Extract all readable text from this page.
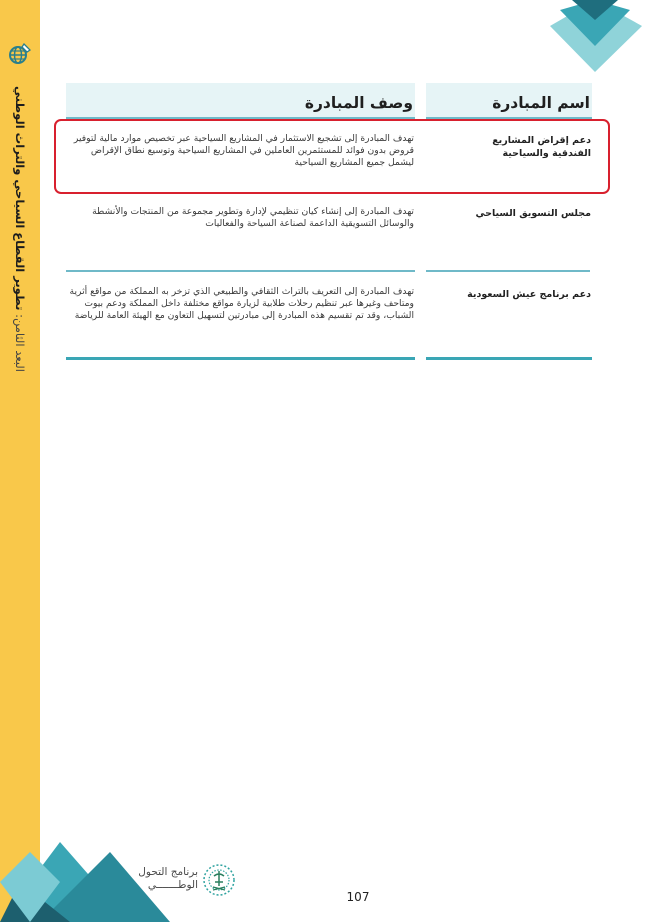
البعد الثامن: تطوير القطاع السياحي والتراث الوطني	اسم المبادرة
وصف المبادرة
دعم إقراض المشاريع الفندقية والسياحية
تهدف المبادرة إلى تشجيع الاستثمار في المشاريع السياحية عبر تخصيص موارد مالية لتوفير قروض بدون فوائد للمستثمرين العاملين في المشاريع السياحية وتوسيع نطاق الإقراض ليشمل جميع المشاريع السياحية
مجلس التسويق السياحي
تهدف المبادرة إلى إنشاء كيان تنظيمي لإدارة وتطوير مجموعة من المنتجات والأنشطة والوسائل التسويقية الداعمة لصناعة السياحة والفعاليات
دعم برنامج عيش السعودية
تهدف المبادرة إلى التعريف بالتراث الثقافي والطبيعي الذي تزخر به المملكة من مواقع أثرية ومتاحف وغيرها عبر تنظيم رحلات طلابية لزيارة مواقع مختلفة داخل المملكة ودعم بيوت الشباب، وقد تم تقسيم هذه المبادرة إلى مبادرتين لتسهيل التعاون مع الهيئة العامة للرياضة
برنامج التحول
الوطـــــــي
107
